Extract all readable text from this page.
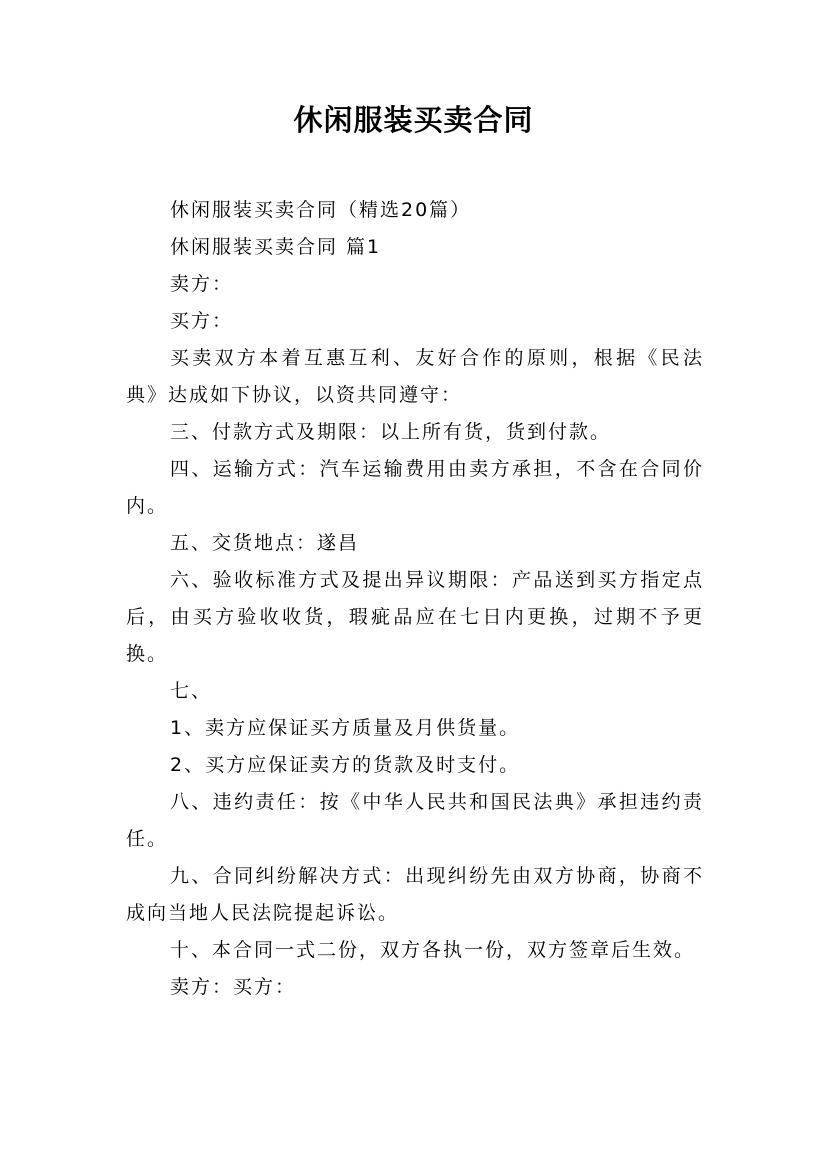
休闲服装买卖合同

休闲服装买卖合同（精选20篇）

休闲服装买卖合同 篇1

卖方：

买方：

买卖双方本着互惠互利、友好合作的原则，根据《民法典》达成如下协议，以资共同遵守：

三、付款方式及期限：以上所有货，货到付款。

四、运输方式：汽车运输费用由卖方承担，不含在合同价内。

五、交货地点：遂昌

六、验收标准方式及提出异议期限：产品送到买方指定点后，由买方验收收货，瑕疵品应在七日内更换，过期不予更换。

七、

1、卖方应保证买方质量及月供货量。

2、买方应保证卖方的货款及时支付。

八、违约责任：按《中华人民共和国民法典》承担违约责任。

九、合同纠纷解决方式：出现纠纷先由双方协商，协商不成向当地人民法院提起诉讼。

十、本合同一式二份，双方各执一份，双方签章后生效。

卖方：买方：
